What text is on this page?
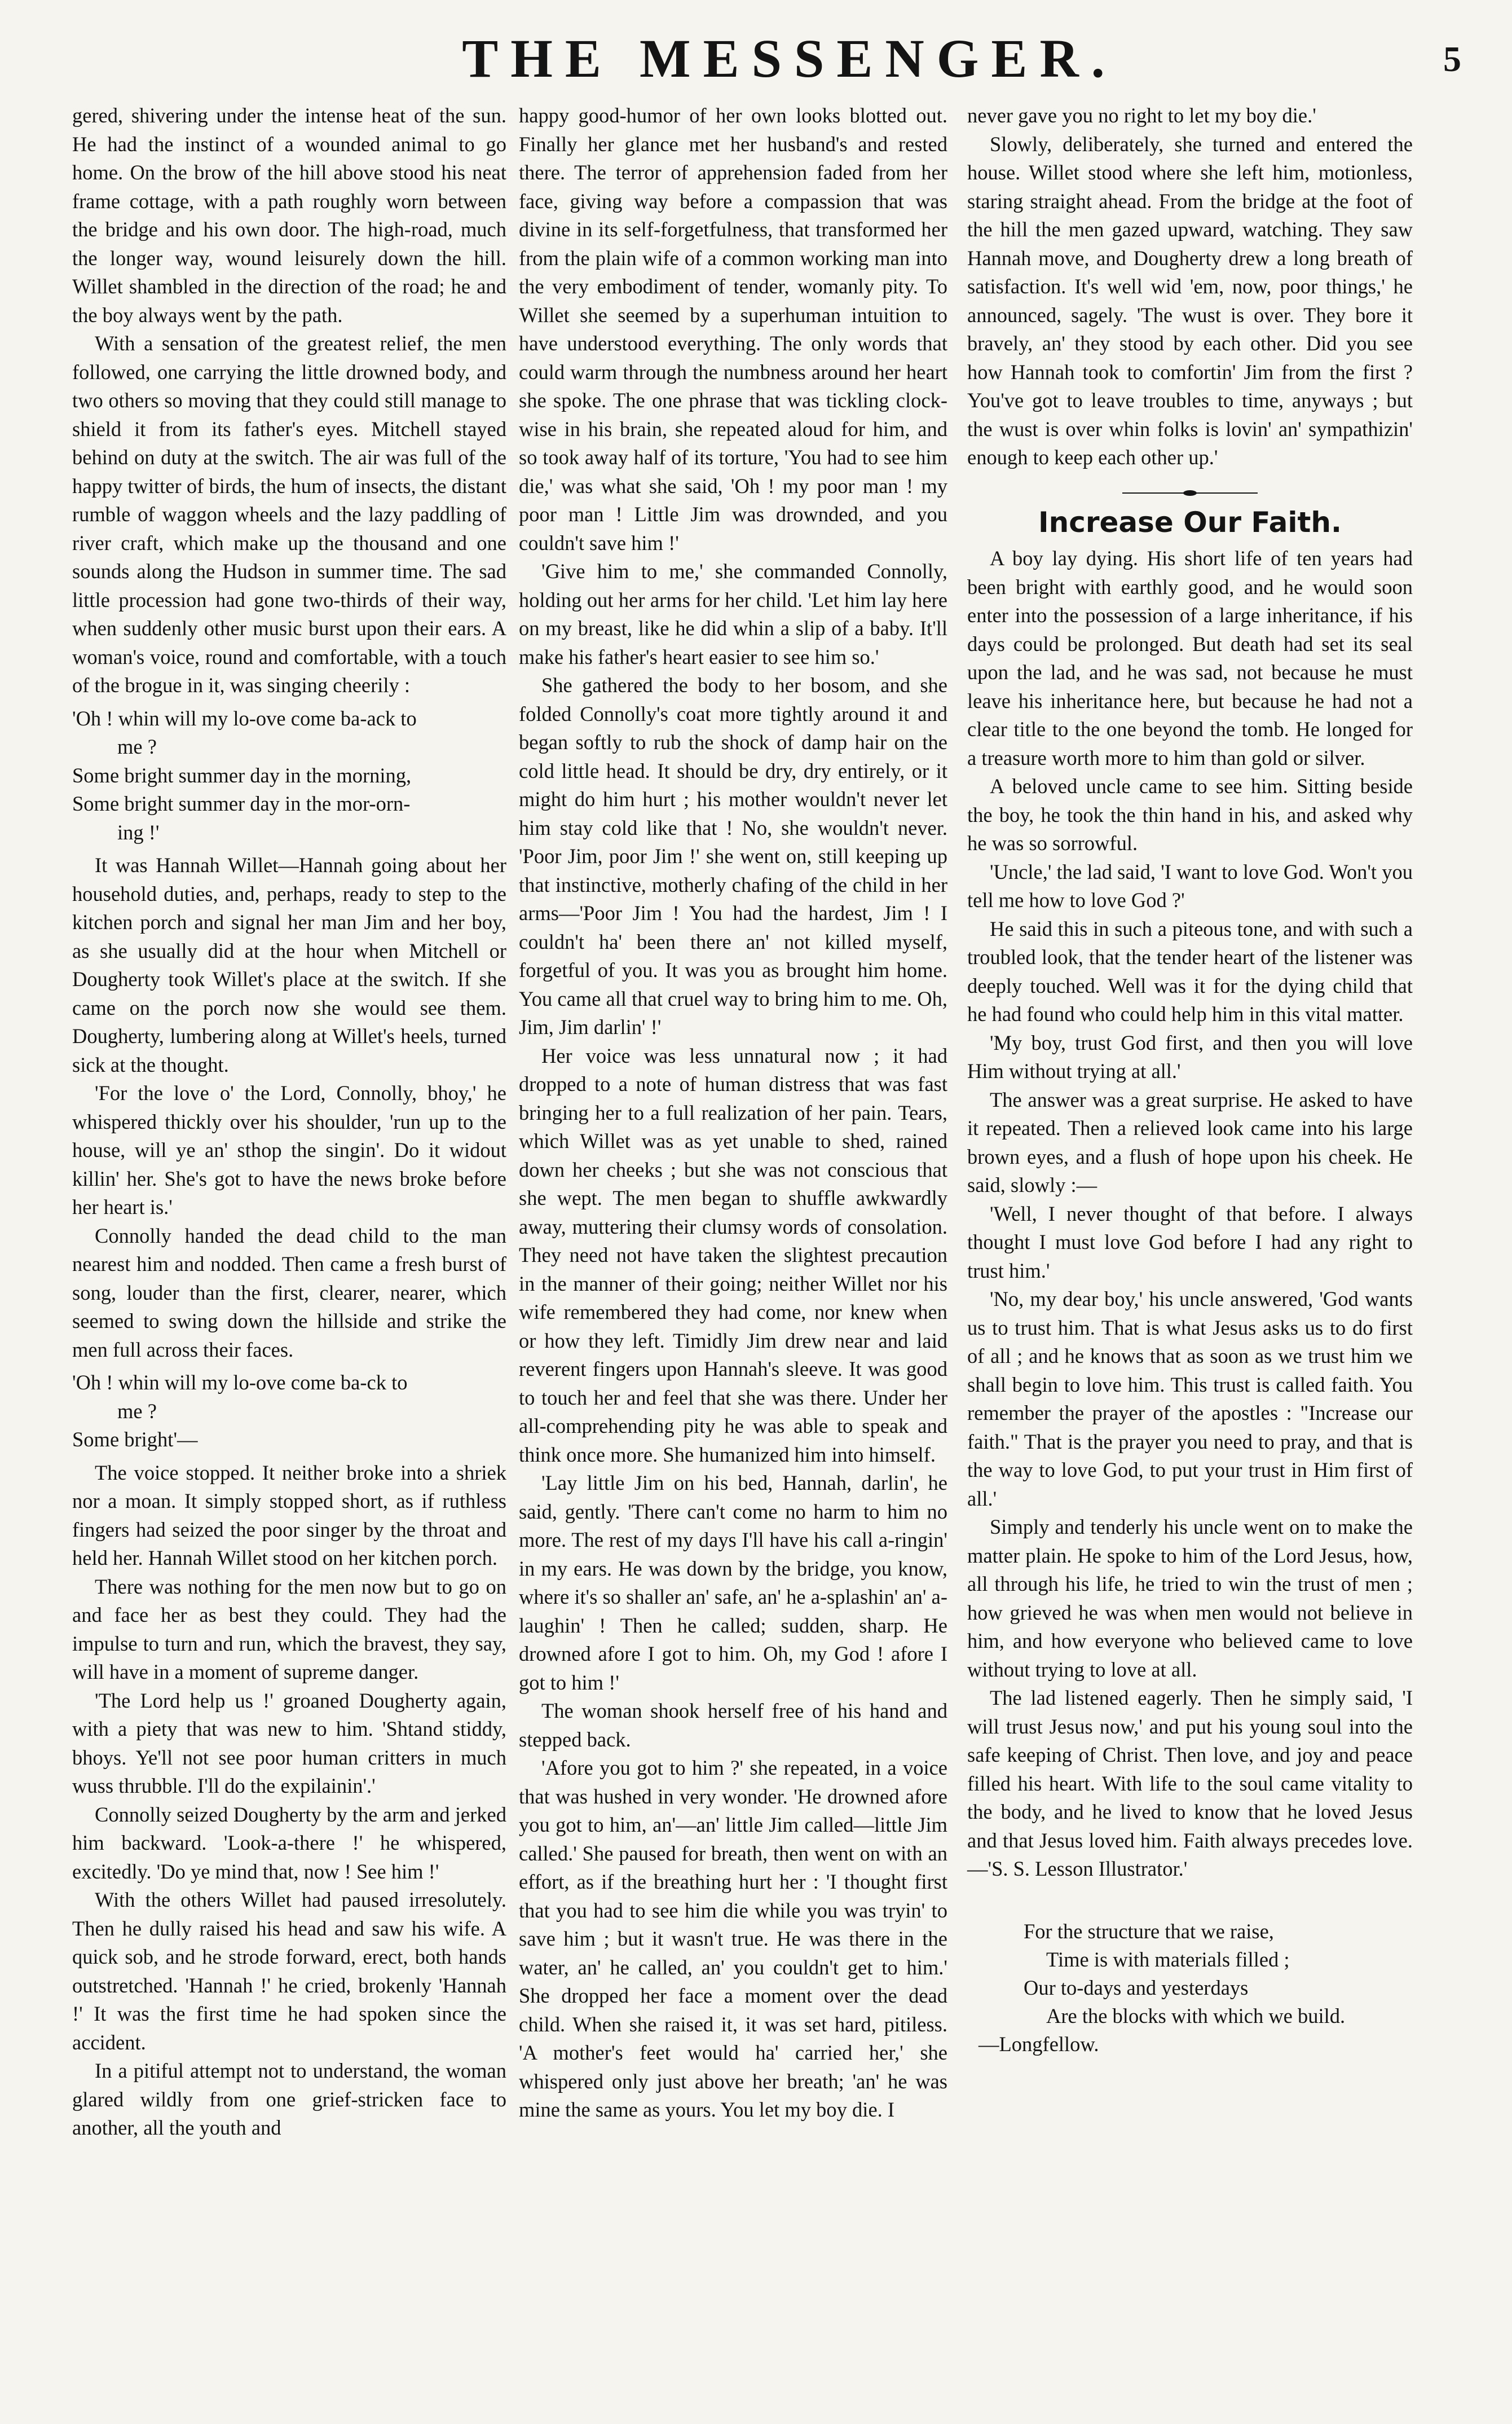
THE MESSENGER.	5

gered, shivering under the intense heat of the sun. He had the instinct of a wounded animal to go home. On the brow of the hill above stood his neat frame cottage, with a path roughly worn between the bridge and his own door. The high-road, much the longer way, wound leisurely down the hill. Willet shambled in the direction of the road; he and the boy always went by the path.

With a sensation of the greatest relief, the men followed, one carrying the little drowned body, and two others so moving that they could still manage to shield it from its father's eyes. Mitchell stayed behind on duty at the switch. The air was full of the happy twitter of birds, the hum of insects, the distant rumble of waggon wheels and the lazy paddling of river craft, which make up the thousand and one sounds along the Hudson in summer time. The sad little procession had gone two-thirds of their way, when suddenly other music burst upon their ears. A woman's voice, round and comfortable, with a touch of the brogue in it, was singing cheerily :

'Oh ! whin will my lo-ove come ba-ack to
me ?
Some bright summer day in the morning,
Some bright summer day in the mor-orn-
ing !'

It was Hannah Willet—Hannah going about her household duties, and, perhaps, ready to step to the kitchen porch and signal her man Jim and her boy, as she usually did at the hour when Mitchell or Dougherty took Willet's place at the switch. If she came on the porch now she would see them. Dougherty, lumbering along at Willet's heels, turned sick at the thought.

'For the love o' the Lord, Connolly, bhoy,' he whispered thickly over his shoulder, 'run up to the house, will ye an' sthop the singin'. Do it widout killin' her. She's got to have the news broke before her heart is.'

Connolly handed the dead child to the man nearest him and nodded. Then came a fresh burst of song, louder than the first, clearer, nearer, which seemed to swing down the hillside and strike the men full across their faces.

'Oh ! whin will my lo-ove come ba-ck to
me ?
Some bright'—

The voice stopped. It neither broke into a shriek nor a moan. It simply stopped short, as if ruthless fingers had seized the poor singer by the throat and held her. Hannah Willet stood on her kitchen porch.

There was nothing for the men now but to go on and face her as best they could. They had the impulse to turn and run, which the bravest, they say, will have in a moment of supreme danger.

'The Lord help us !' groaned Dougherty again, with a piety that was new to him. 'Shtand stiddy, bhoys. Ye'll not see poor human critters in much wuss thrubble. I'll do the expilainin'.'

Connolly seized Dougherty by the arm and jerked him backward. 'Look-a-there !' he whispered, excitedly. 'Do ye mind that, now ! See him !'

With the others Willet had paused irresolutely. Then he dully raised his head and saw his wife. A quick sob, and he strode forward, erect, both hands outstretched. 'Hannah !' he cried, brokenly 'Hannah !' It was the first time he had spoken since the accident.

In a pitiful attempt not to understand, the woman glared wildly from one grief-stricken face to another, all the youth and

happy good-humor of her own looks blotted out. Finally her glance met her husband's and rested there. The terror of apprehension faded from her face, giving way before a compassion that was divine in its self-forgetfulness, that transformed her from the plain wife of a common working man into the very embodiment of tender, womanly pity. To Willet she seemed by a superhuman intuition to have understood everything. The only words that could warm through the numbness around her heart she spoke. The one phrase that was tickling clock-wise in his brain, she repeated aloud for him, and so took away half of its torture, 'You had to see him die,' was what she said, 'Oh ! my poor man ! my poor man ! Little Jim was drownded, and you couldn't save him !'

'Give him to me,' she commanded Connolly, holding out her arms for her child. 'Let him lay here on my breast, like he did whin a slip of a baby. It'll make his father's heart easier to see him so.'

She gathered the body to her bosom, and she folded Connolly's coat more tightly around it and began softly to rub the shock of damp hair on the cold little head. It should be dry, dry entirely, or it might do him hurt ; his mother wouldn't never let him stay cold like that ! No, she wouldn't never. 'Poor Jim, poor Jim !' she went on, still keeping up that instinctive, motherly chafing of the child in her arms—'Poor Jim ! You had the hardest, Jim ! I couldn't ha' been there an' not killed myself, forgetful of you. It was you as brought him home. You came all that cruel way to bring him to me. Oh, Jim, Jim darlin' !'

Her voice was less unnatural now ; it had dropped to a note of human distress that was fast bringing her to a full realization of her pain. Tears, which Willet was as yet unable to shed, rained down her cheeks ; but she was not conscious that she wept. The men began to shuffle awkwardly away, muttering their clumsy words of consolation. They need not have taken the slightest precaution in the manner of their going; neither Willet nor his wife remembered they had come, nor knew when or how they left. Timidly Jim drew near and laid reverent fingers upon Hannah's sleeve. It was good to touch her and feel that she was there. Under her all-comprehending pity he was able to speak and think once more. She humanized him into himself.

'Lay little Jim on his bed, Hannah, darlin', he said, gently. 'There can't come no harm to him no more. The rest of my days I'll have his call a-ringin' in my ears. He was down by the bridge, you know, where it's so shaller an' safe, an' he a-splashin' an' a-laughin' ! Then he called; sudden, sharp. He drowned afore I got to him. Oh, my God ! afore I got to him !'

The woman shook herself free of his hand and stepped back.

'Afore you got to him ?' she repeated, in a voice that was hushed in very wonder. 'He drowned afore you got to him, an'—an' little Jim called—little Jim called.' She paused for breath, then went on with an effort, as if the breathing hurt her : 'I thought first that you had to see him die while you was tryin' to save him ; but it wasn't true. He was there in the water, an' he called, an' you couldn't get to him.' She dropped her face a moment over the dead child. When she raised it, it was set hard, pitiless. 'A mother's feet would ha' carried her,' she whispered only just above her breath; 'an' he was mine the same as yours. You let my boy die. I

never gave you no right to let my boy die.'

Slowly, deliberately, she turned and entered the house. Willet stood where she left him, motionless, staring straight ahead. From the bridge at the foot of the hill the men gazed upward, watching. They saw Hannah move, and Dougherty drew a long breath of satisfaction. It's well wid 'em, now, poor things,' he announced, sagely. 'The wust is over. They bore it bravely, an' they stood by each other. Did you see how Hannah took to comfortin' Jim from the first ? You've got to leave troubles to time, anyways ; but the wust is over whin folks is lovin' an' sympathizin' enough to keep each other up.'

Increase Our Faith.

A boy lay dying. His short life of ten years had been bright with earthly good, and he would soon enter into the possession of a large inheritance, if his days could be prolonged. But death had set its seal upon the lad, and he was sad, not because he must leave his inheritance here, but because he had not a clear title to the one beyond the tomb. He longed for a treasure worth more to him than gold or silver.

A beloved uncle came to see him. Sitting beside the boy, he took the thin hand in his, and asked why he was so sorrowful.

'Uncle,' the lad said, 'I want to love God. Won't you tell me how to love God ?'

He said this in such a piteous tone, and with such a troubled look, that the tender heart of the listener was deeply touched. Well was it for the dying child that he had found who could help him in this vital matter.

'My boy, trust God first, and then you will love Him without trying at all.'

The answer was a great surprise. He asked to have it repeated. Then a relieved look came into his large brown eyes, and a flush of hope upon his cheek. He said, slowly :—

'Well, I never thought of that before. I always thought I must love God before I had any right to trust him.'

'No, my dear boy,' his uncle answered, 'God wants us to trust him. That is what Jesus asks us to do first of all ; and he knows that as soon as we trust him we shall begin to love him. This trust is called faith. You remember the prayer of the apostles : "Increase our faith." That is the prayer you need to pray, and that is the way to love God, to put your trust in Him first of all.'

Simply and tenderly his uncle went on to make the matter plain. He spoke to him of the Lord Jesus, how, all through his life, he tried to win the trust of men ; how grieved he was when men would not believe in him, and how everyone who believed came to love without trying to love at all.

The lad listened eagerly. Then he simply said, 'I will trust Jesus now,' and put his young soul into the safe keeping of Christ. Then love, and joy and peace filled his heart. With life to the soul came vitality to the body, and he lived to know that he loved Jesus and that Jesus loved him. Faith always precedes love.—'S. S. Lesson Illustrator.'

For the structure that we raise,
Time is with materials filled ;
Our to-days and yesterdays
Are the blocks with which we build.
—Longfellow.
